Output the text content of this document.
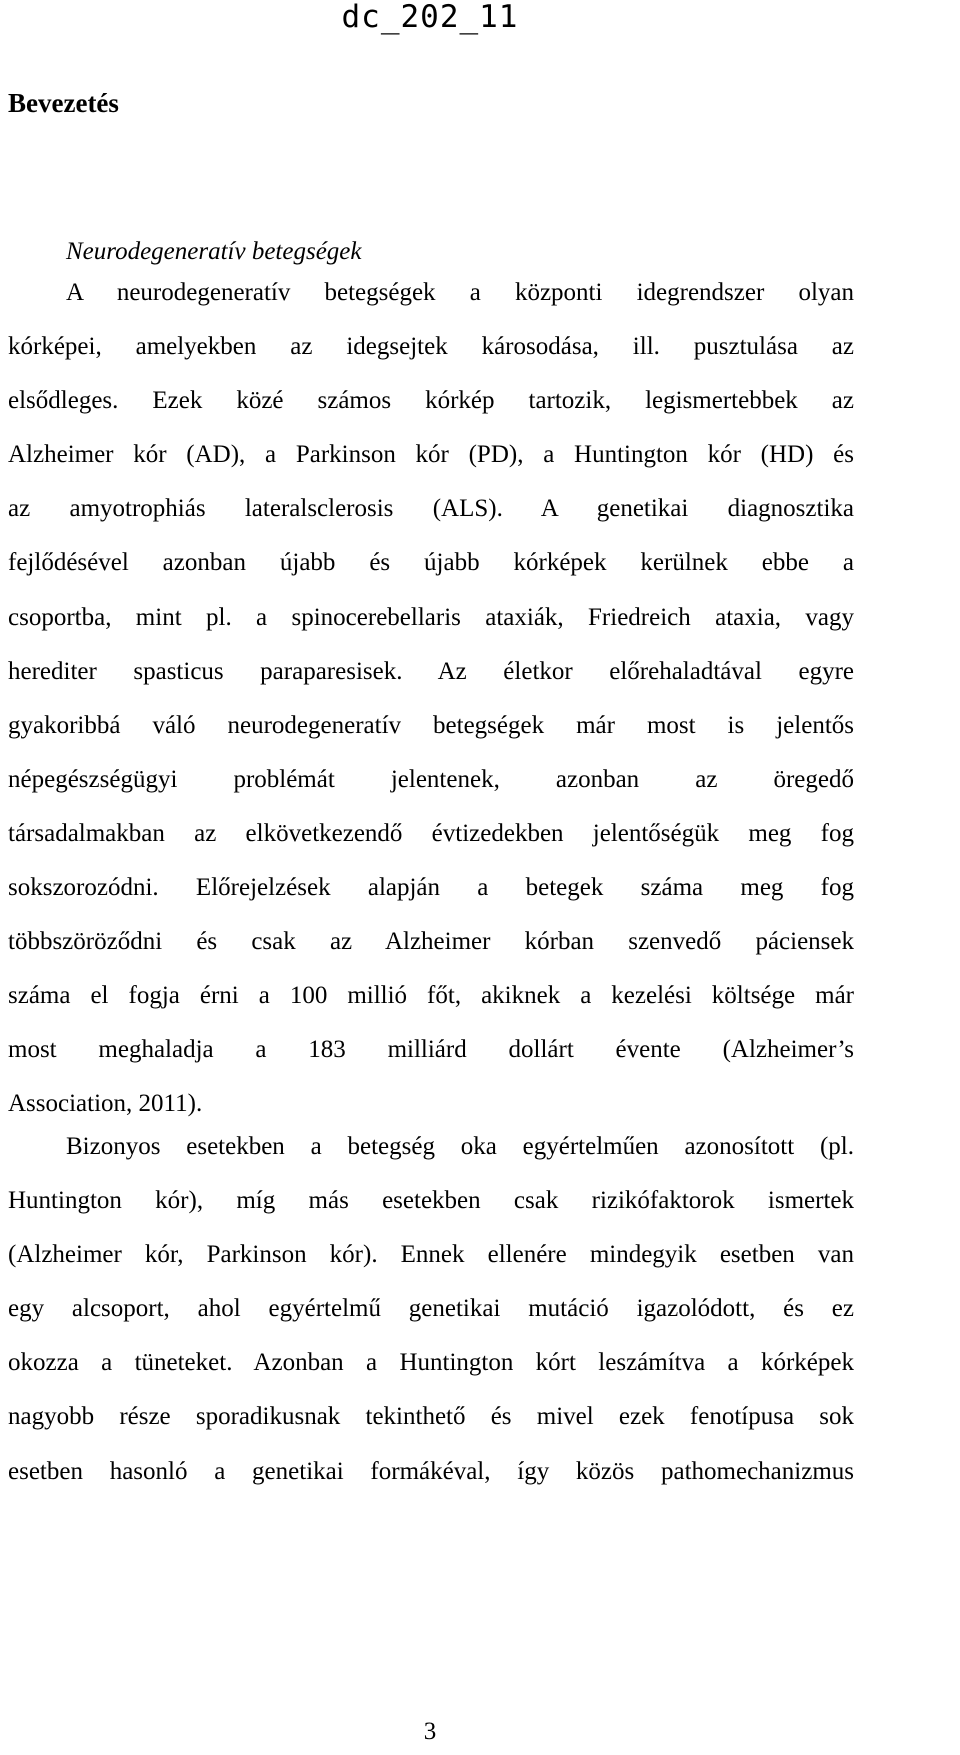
dc_202_11
Bevezetés
Neurodegeneratív betegségek
A neurodegeneratív betegségek a központi idegrendszer olyan
kórképei, amelyekben az idegsejtek károsodása, ill. pusztulása az
elsődleges. Ezek közé számos kórkép tartozik, legismertebbek az
Alzheimer kór (AD), a Parkinson kór (PD), a Huntington kór (HD) és
az amyotrophiás lateralsclerosis (ALS). A genetikai diagnosztika
fejlődésével azonban újabb és újabb kórképek kerülnek ebbe a
csoportba, mint pl. a spinocerebellaris ataxiák, Friedreich ataxia, vagy
herediter spasticus paraparesisek. Az életkor előrehaladtával egyre
gyakoribbá váló neurodegeneratív betegségek már most is jelentős
népegészségügyi problémát jelentenek, azonban az öregedő
társadalmakban az elkövetkezendő évtizedekben jelentőségük meg fog
sokszorozódni. Előrejelzések alapján a betegek száma meg fog
többszöröződni és csak az Alzheimer kórban szenvedő páciensek
száma el fogja érni a 100 millió főt, akiknek a kezelési költsége már
most meghaladja a 183 milliárd dollárt évente (Alzheimer’s
Association, 2011).
Bizonyos esetekben a betegség oka egyértelműen azonosított (pl.
Huntington kór), míg más esetekben csak rizikófaktorok ismertek
(Alzheimer kór, Parkinson kór). Ennek ellenére mindegyik esetben van
egy alcsoport, ahol egyértelmű genetikai mutáció igazolódott, és ez
okozza a tüneteket. Azonban a Huntington kórt leszámítva a kórképek
nagyobb része sporadikusnak tekinthető és mivel ezek fenotípusa sok
esetben hasonló a genetikai formákéval, így közös pathomechanizmus
3
